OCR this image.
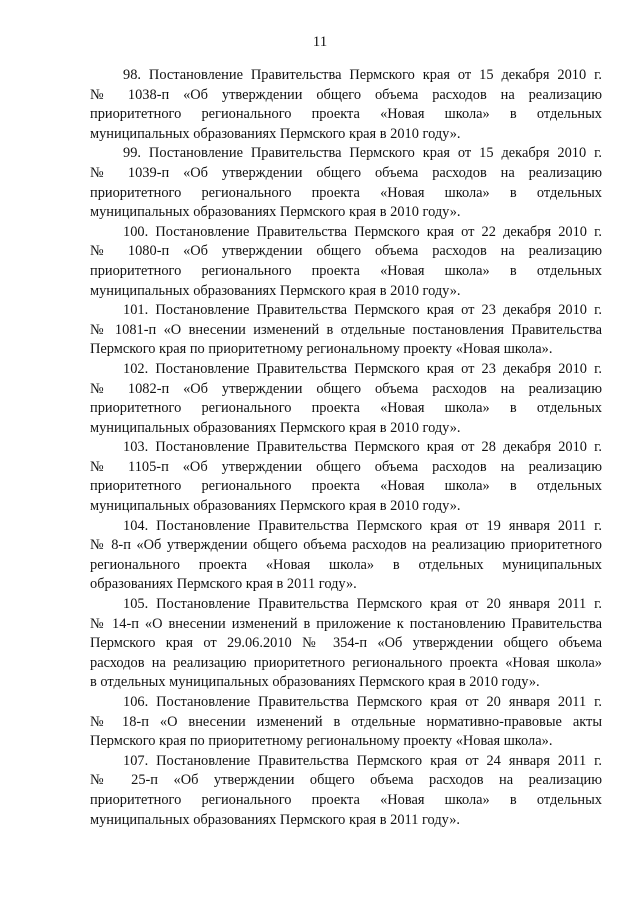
11

98. Постановление Правительства Пермского края от 15 декабря 2010 г.
№ 1038-п «Об утверждении общего объема расходов на реализацию
приоритетного регионального проекта «Новая школа» в отдельных
муниципальных образованиях Пермского края в 2010 году».

99. Постановление Правительства Пермского края от 15 декабря 2010 г.
№ 1039-п «Об утверждении общего объема расходов на реализацию
приоритетного регионального проекта «Новая школа» в отдельных
муниципальных образованиях Пермского края в 2010 году».

100. Постановление Правительства Пермского края от 22 декабря 2010 г.
№ 1080-п «Об утверждении общего объема расходов на реализацию
приоритетного регионального проекта «Новая школа» в отдельных
муниципальных образованиях Пермского края в 2010 году».

101. Постановление Правительства Пермского края от 23 декабря 2010 г.
№ 1081-п «О внесении изменений в отдельные постановления Правительства
Пермского края по приоритетному региональному проекту «Новая школа».

102. Постановление Правительства Пермского края от 23 декабря 2010 г.
№ 1082-п «Об утверждении общего объема расходов на реализацию
приоритетного регионального проекта «Новая школа» в отдельных
муниципальных образованиях Пермского края в 2010 году».

103. Постановление Правительства Пермского края от 28 декабря 2010 г.
№ 1105-п «Об утверждении общего объема расходов на реализацию
приоритетного регионального проекта «Новая школа» в отдельных
муниципальных образованиях Пермского края в 2010 году».

104. Постановление Правительства Пермского края от 19 января 2011 г.
№ 8-п «Об утверждении общего объема расходов на реализацию приоритетного
регионального проекта «Новая школа» в отдельных муниципальных
образованиях Пермского края в 2011 году».

105. Постановление Правительства Пермского края от 20 января 2011 г.
№ 14-п «О внесении изменений в приложение к постановлению Правительства
Пермского края от 29.06.2010 № 354-п «Об утверждении общего объема
расходов на реализацию приоритетного регионального проекта «Новая школа»
в отдельных муниципальных образованиях Пермского края в 2010 году».

106. Постановление Правительства Пермского края от 20 января 2011 г.
№ 18-п «О внесении изменений в отдельные нормативно-правовые акты
Пермского края по приоритетному региональному проекту «Новая школа».

107. Постановление Правительства Пермского края от 24 января 2011 г.
№ 25-п «Об утверждении общего объема расходов на реализацию
приоритетного регионального проекта «Новая школа» в отдельных
муниципальных образованиях Пермского края в 2011 году».
